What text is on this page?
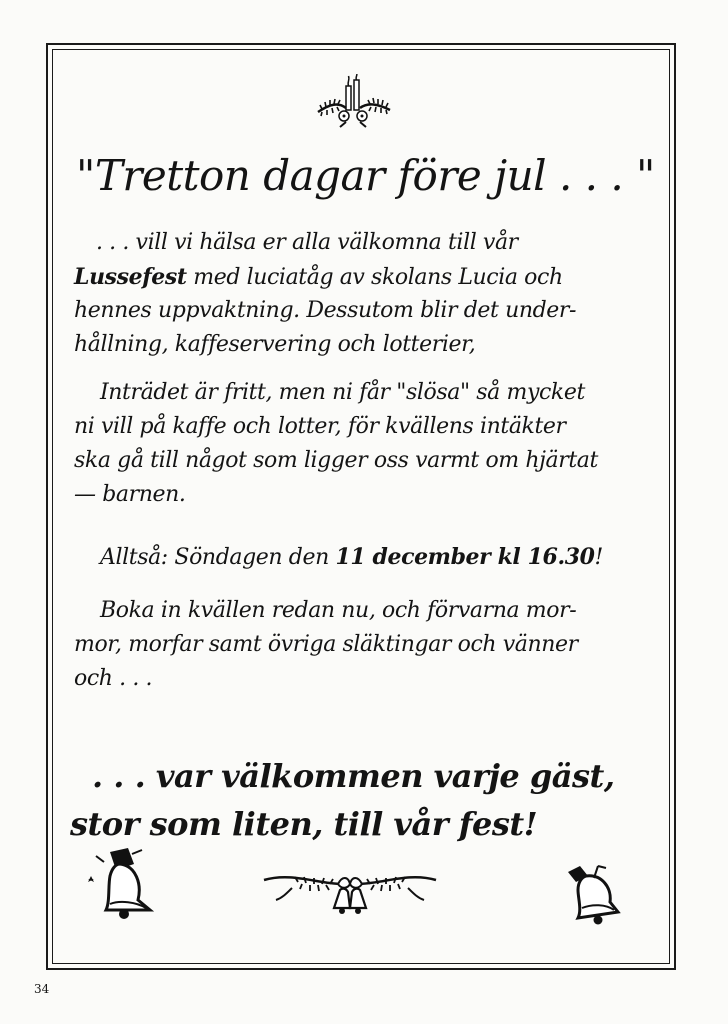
"Tretton dagar före jul . . . "
. . . vill vi hälsa er alla välkomna till vår
Lussefest med luciatåg av skolans Lucia och
hennes uppvaktning. Dessutom blir det under-
hållning, kaffeservering och lotterier,
Inträdet är fritt, men ni får "slösa" så mycket
ni vill på kaffe och lotter, för kvällens intäkter
ska gå till något som ligger oss varmt om hjärtat
— barnen.
Alltså: Söndagen den 11 december kl 16.30!
Boka in kvällen redan nu, och förvarna mor-
mor, morfar samt övriga släktingar och vänner
och . . .
. . . var välkommen varje gäst,
stor som liten, till vår fest!
34
